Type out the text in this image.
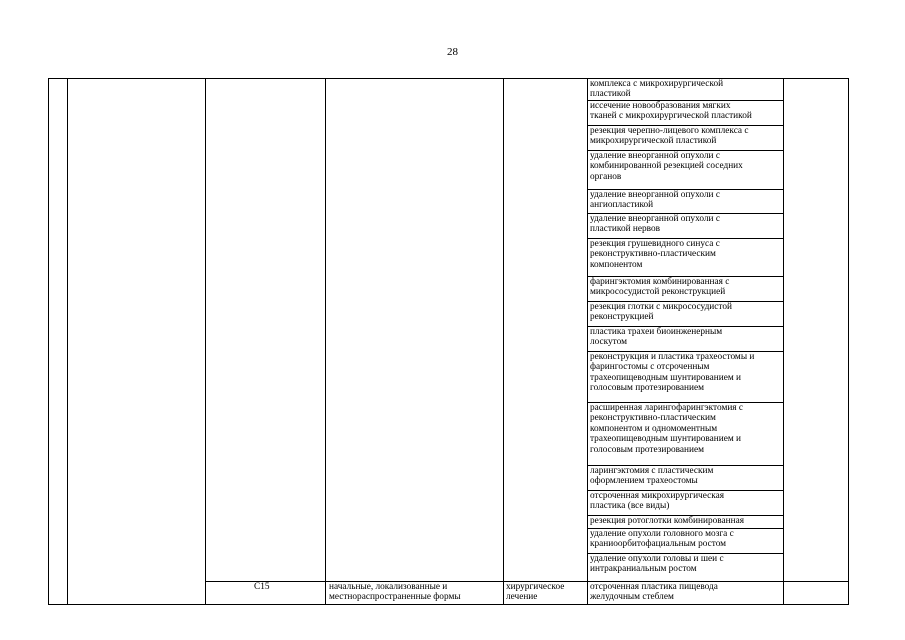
28
комплекса с микрохирургической
пластикой
иссечение новообразования мягких
тканей с микрохирургической пластикой
резекция черепно-лицевого комплекса с
микрохирургической пластикой
удаление внеорганной опухоли с
комбинированной резекцией соседних
органов
удаление внеорганной опухоли с
ангиопластикой
удаление внеорганной опухоли с
пластикой нервов
резекция грушевидного синуса с
реконструктивно-пластическим
компонентом
фарингэктомия комбинированная с
микрососудистой реконструкцией
резекция глотки с микрососудистой
реконструкцией
пластика трахеи биоинженерным
лоскутом
реконструкция и пластика трахеостомы и
фарингостомы с отсроченным
трахеопищеводным шунтированием и
голосовым протезированием
расширенная ларингофарингэктомия с
реконструктивно-пластическим
компонентом и одномоментным
трахеопищеводным шунтированием и
голосовым протезированием
ларингэктомия с пластическим
оформлением трахеостомы
отсроченная микрохирургическая
пластика (все виды)
резекция ротоглотки комбинированная
удаление опухоли головного мозга с
краниоорбитофациальным ростом
удаление опухоли головы и шеи с
интракраниальным ростом
C15	начальные, локализованные и
местнораспространенные формы
хирургическое
лечение
отсроченная пластика пищевода
желудочным стеблем
